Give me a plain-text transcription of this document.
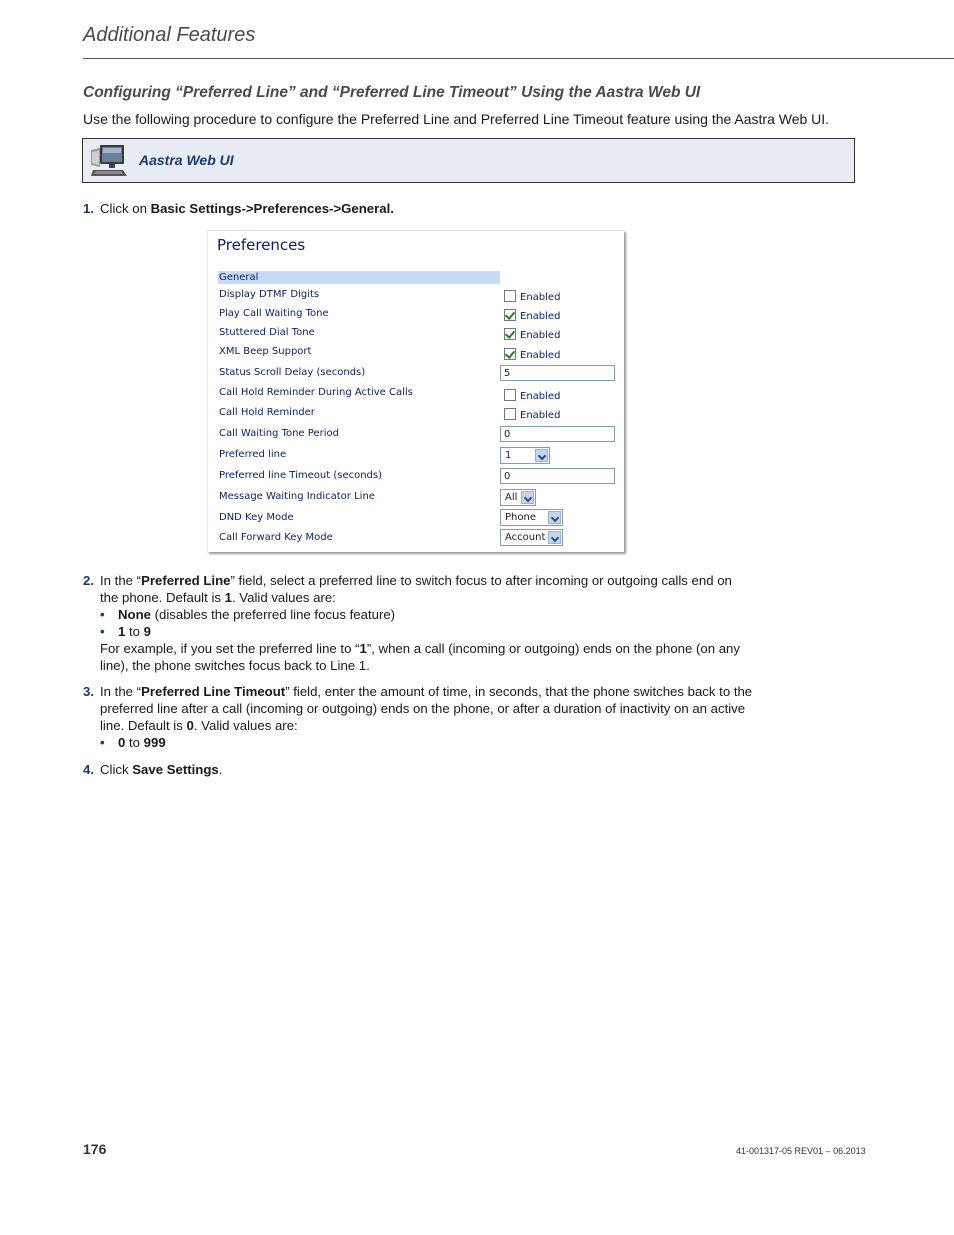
Additional Features
Configuring “Preferred Line” and “Preferred Line Timeout” Using the Aastra Web UI
Use the following procedure to configure the Preferred Line and Preferred Line Timeout feature using the Aastra Web UI.
Aastra Web UI
1. Click on Basic Settings->Preferences->General.
Preferences
General
Display DTMF Digits	Enabled
Play Call Waiting Tone	Enabled
Stuttered Dial Tone	Enabled
XML Beep Support	Enabled
Status Scroll Delay (seconds)	5
Call Hold Reminder During Active Calls	Enabled
Call Hold Reminder	Enabled
Call Waiting Tone Period	0
Preferred line	1
Preferred line Timeout (seconds)	0
Message Waiting Indicator Line	All
DND Key Mode	Phone
Call Forward Key Mode	Account
2. In the “Preferred Line” field, select a preferred line to switch focus to after incoming or outgoing calls end on the phone. Default is 1. Valid values are:
• None (disables the preferred line focus feature)
• 1 to 9
For example, if you set the preferred line to “1”, when a call (incoming or outgoing) ends on the phone (on any line), the phone switches focus back to Line 1.
3. In the “Preferred Line Timeout” field, enter the amount of time, in seconds, that the phone switches back to the preferred line after a call (incoming or outgoing) ends on the phone, or after a duration of inactivity on an active line. Default is 0. Valid values are:
• 0 to 999
4. Click Save Settings.
176	41-001317-05 REV01 – 06.2013
